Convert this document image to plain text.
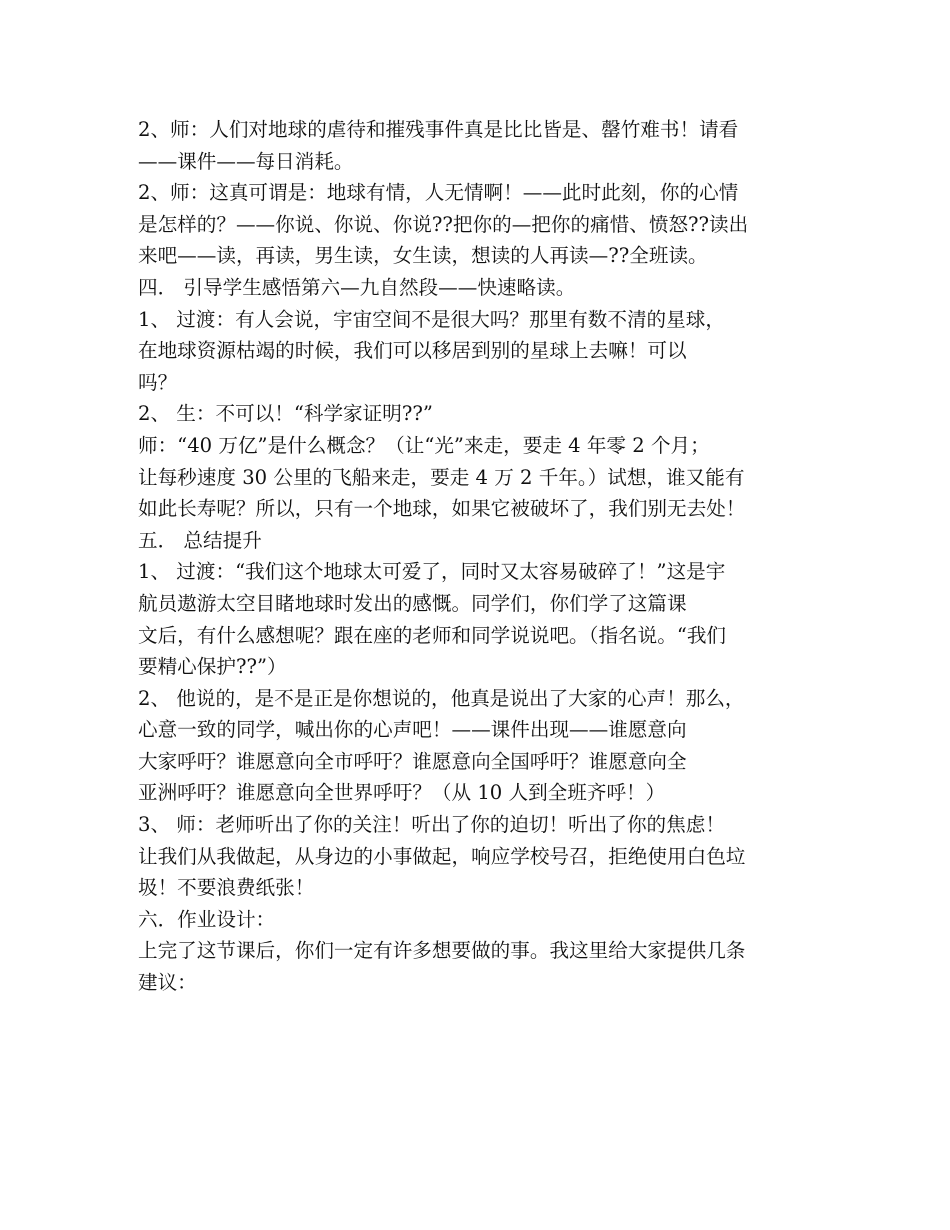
2、师：人们对地球的虐待和摧残事件真是比比皆是、罄竹难书！请看
——课件——每日消耗。
2、师：这真可谓是：地球有情，人无情啊！——此时此刻，你的心情
是怎样的？——你说、你说、你说??把你的—把你的痛惜、愤怒??读出
来吧——读，再读，男生读，女生读，想读的人再读—??全班读。
四． 引导学生感悟第六—九自然段——快速略读。
1、 过渡：有人会说，宇宙空间不是很大吗？那里有数不清的星球，
在地球资源枯竭的时候，我们可以移居到别的星球上去嘛！可以
吗？
2、 生：不可以！“科学家证明??”
师：“40 万亿”是什么概念？（让“光”来走，要走 4 年零 2 个月；
让每秒速度 30 公里的飞船来走，要走 4 万 2 千年。）试想，谁又能有
如此长寿呢？所以，只有一个地球，如果它被破坏了，我们别无去处！
五． 总结提升
1、 过渡：“我们这个地球太可爱了，同时又太容易破碎了！”这是宇
航员遨游太空目睹地球时发出的感慨。同学们，你们学了这篇课
文后，有什么感想呢？跟在座的老师和同学说说吧。（指名说。“我们
要精心保护??”）
2、 他说的，是不是正是你想说的，他真是说出了大家的心声！那么，
心意一致的同学，喊出你的心声吧！——课件出现——谁愿意向
大家呼吁？谁愿意向全市呼吁？谁愿意向全国呼吁？谁愿意向全
亚洲呼吁？谁愿意向全世界呼吁？（从 10 人到全班齐呼！）
3、 师：老师听出了你的关注！听出了你的迫切！听出了你的焦虑！
让我们从我做起，从身边的小事做起，响应学校号召，拒绝使用白色垃
圾！不要浪费纸张！
六．作业设计：
上完了这节课后，你们一定有许多想要做的事。我这里给大家提供几条
建议：
